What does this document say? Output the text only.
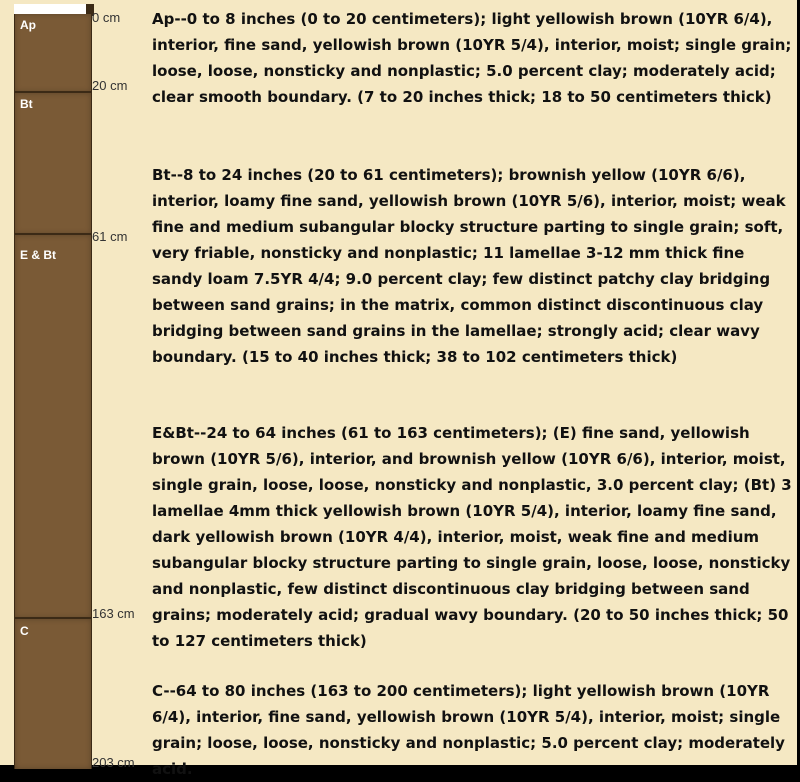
Ap
Bt
E & Bt
C
0 cm
20 cm
61 cm
163 cm
203 cm
Ap--0 to 8 inches (0 to 20 centimeters); light yellowish brown (10YR 6/4), interior, fine sand, yellowish brown (10YR 5/4), interior, moist; single grain; loose, loose, nonsticky and nonplastic; 5.0 percent clay; moderately acid; clear smooth boundary. (7 to 20 inches thick; 18 to 50 centimeters thick)
Bt--8 to 24 inches (20 to 61 centimeters); brownish yellow (10YR 6/6), interior, loamy fine sand, yellowish brown (10YR 5/6), interior, moist; weak fine and medium subangular blocky structure parting to single grain; soft, very friable, nonsticky and nonplastic; 11 lamellae 3-12 mm thick fine sandy loam 7.5YR 4/4; 9.0 percent clay; few distinct patchy clay bridging between sand grains; in the matrix, common distinct discontinuous clay bridging between sand grains in the lamellae; strongly acid; clear wavy boundary. (15 to 40 inches thick; 38 to 102 centimeters thick)
E&Bt--24 to 64 inches (61 to 163 centimeters); (E) fine sand, yellowish brown (10YR 5/6), interior, and brownish yellow (10YR 6/6), interior, moist, single grain, loose, loose, nonsticky and nonplastic, 3.0 percent clay; (Bt) 3 lamellae 4mm thick yellowish brown (10YR 5/4), interior, loamy fine sand, dark yellowish brown (10YR 4/4), interior, moist, weak fine and medium subangular blocky structure parting to single grain, loose, loose, nonsticky and nonplastic, few distinct discontinuous clay bridging between sand grains; moderately acid; gradual wavy boundary. (20 to 50 inches thick; 50 to 127 centimeters thick)
C--64 to 80 inches (163 to 200 centimeters); light yellowish brown (10YR 6/4), interior, fine sand, yellowish brown (10YR 5/4), interior, moist; single grain; loose, loose, nonsticky and nonplastic; 5.0 percent clay; moderately acid.
